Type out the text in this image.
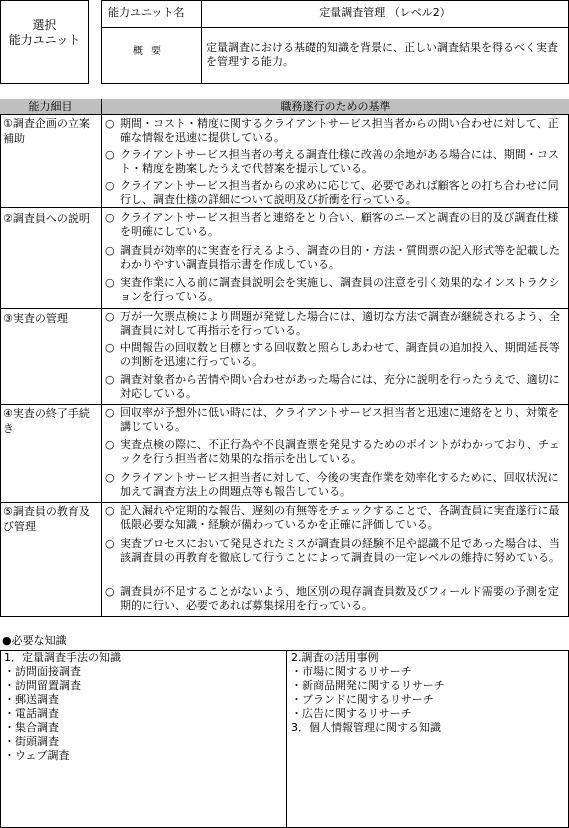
選択
能力ユニット
能力ユニット名	定量調査管理 （レベル2）
概要	定量調査における基礎的知識を背景に、正しい調査結果を得るべく実査を管理する能力。
能力細目	職務遂行のための基準
①調査企画の立案補助
○ 期間・コスト・精度に関するクライアントサービス担当者からの問い合わせに対して、正確な情報を迅速に提供している。
○ クライアントサービス担当者の考える調査仕様に改善の余地がある場合には、期間・コスト・精度を勘案したうえで代替案を提示している。
○ クライアントサービス担当者からの求めに応じて、必要であれば顧客との打ち合わせに同行し、調査仕様の詳細について説明及び折衝を行っている。
②調査員への説明	○ クライアントサービス担当者と連絡をとり合い、顧客のニーズと調査の目的及び調査仕様を明確にしている。
○ 調査員が効率的に実査を行えるよう、調査の目的・方法・質問票の記入形式等を記載したわかりやすい調査員指示書を作成している。
○ 実査作業に入る前に調査員説明会を実施し、調査員の注意を引く効果的なインストラクションを行っている。
③実査の管理	○ 万が一欠票点検により問題が発覚した場合には、適切な方法で調査が継続されるよう、全調査員に対して再指示を行っている。
○ 中間報告の回収数と目標とする回収数と照らしあわせて、調査員の追加投入、期間延長等の判断を迅速に行っている。
○ 調査対象者から苦情や問い合わせがあった場合には、充分に説明を行ったうえで、適切に対応している。
④実査の終了手続き
○ 回収率が予想外に低い時には、クライアントサービス担当者と迅速に連絡をとり、対策を講じている。
○ 実査点検の際に、不正行為や不良調査票を発見するためのポイントがわかっており、チェックを行う担当者に効果的な指示を出している。
○ クライアントサービス担当者に対して、今後の実査作業を効率化するために、回収状況に加えて調査方法上の問題点等も報告している。
⑤調査員の教育及び管理
○ 記入漏れや定期的な報告、遅刻の有無等をチェックすることで、各調査員に実査遂行に最低限必要な知識・経験が備わっているかを正確に評価している。
○ 実査プロセスにおいて発見されたミスが調査員の経験不足や認識不足であった場合は、当該調査員の再教育を徹底して行うことによって調査員の一定レベルの維持に努めている。
○ 調査員が不足することがないよう、地区別の現存調査員数及びフィールド需要の予測を定期的に行い、必要であれば募集採用を行っている。
●必要な知識
1．定量調査手法の知識
・訪問面接調査
・訪問留置調査
・郵送調査
・電話調査
・集合調査
・街頭調査
・ウェブ調査
2.調査の活用事例
・市場に関するリサーチ
・新商品開発に関するリサーチ
・ブランドに関するリサーチ
・広告に関するリサーチ
3．個人情報管理に関する知識
